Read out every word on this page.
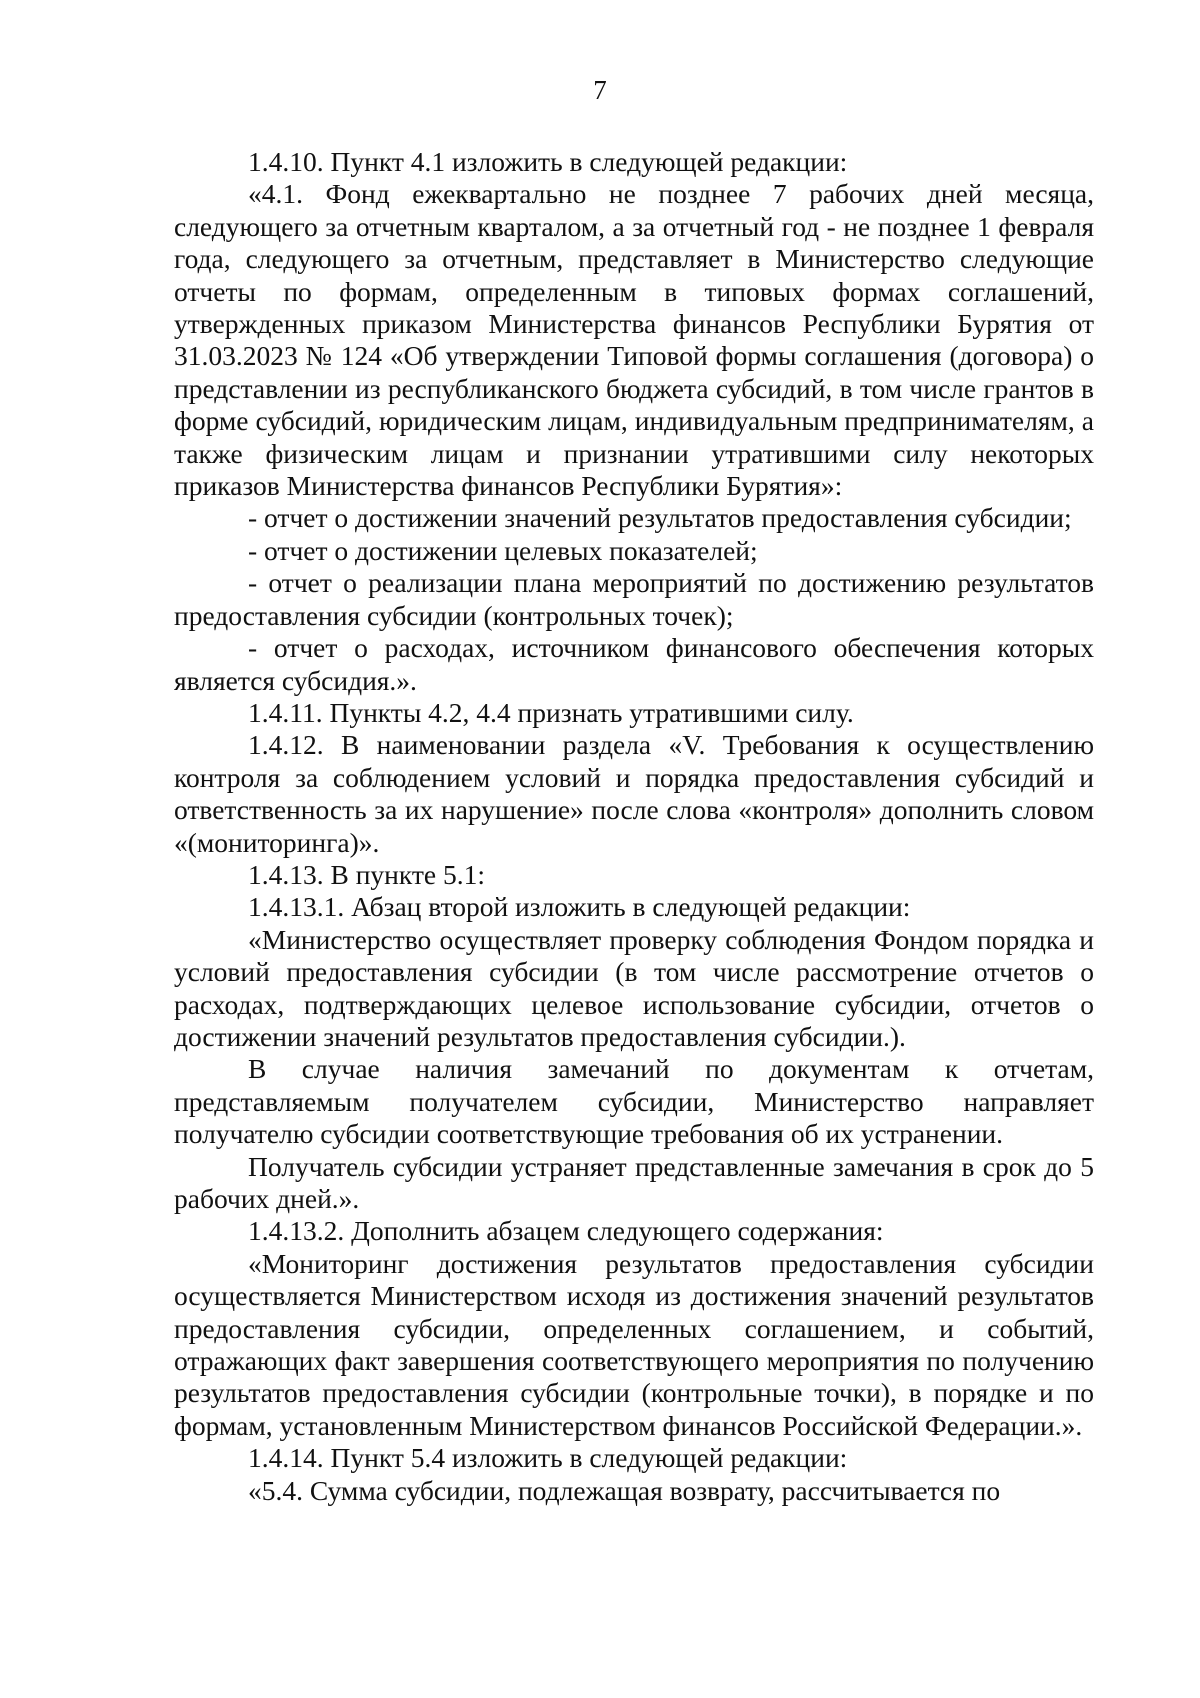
7

1.4.10. Пункт 4.1 изложить в следующей редакции:

«4.1. Фонд ежеквартально не позднее 7 рабочих дней месяца, следующего за отчетным кварталом, а за отчетный год - не позднее 1 февраля года, следующего за отчетным, представляет в Министерство следующие отчеты по формам, определенным в типовых формах соглашений, утвержденных приказом Министерства финансов Республики Бурятия от 31.03.2023 № 124 «Об утверждении Типовой формы соглашения (договора) о представлении из республиканского бюджета субсидий, в том числе грантов в форме субсидий, юридическим лицам, индивидуальным предпринимателям, а также физическим лицам и признании утратившими силу некоторых приказов Министерства финансов Республики Бурятия»:

- отчет о достижении значений результатов предоставления субсидии;

- отчет о достижении целевых показателей;

- отчет о реализации плана мероприятий по достижению результатов предоставления субсидии (контрольных точек);

- отчет о расходах, источником финансового обеспечения которых является субсидия.».

1.4.11. Пункты 4.2, 4.4 признать утратившими силу.

1.4.12. В наименовании раздела «V. Требования к осуществлению контроля за соблюдением условий и порядка предоставления субсидий и ответственность за их нарушение» после слова «контроля» дополнить словом «(мониторинга)».

1.4.13. В пункте 5.1:

1.4.13.1. Абзац второй изложить в следующей редакции:

«Министерство осуществляет проверку соблюдения Фондом порядка и условий предоставления субсидии (в том числе рассмотрение отчетов о расходах, подтверждающих целевое использование субсидии, отчетов о достижении значений результатов предоставления субсидии.).

В случае наличия замечаний по документам к отчетам, представляемым получателем субсидии, Министерство направляет получателю субсидии соответствующие требования об их устранении.

Получатель субсидии устраняет представленные замечания в срок до 5 рабочих дней.».

1.4.13.2. Дополнить абзацем следующего содержания:

«Мониторинг достижения результатов предоставления субсидии осуществляется Министерством исходя из достижения значений результатов предоставления субсидии, определенных соглашением, и событий, отражающих факт завершения соответствующего мероприятия по получению результатов предоставления субсидии (контрольные точки), в порядке и по формам, установленным Министерством финансов Российской Федерации.».

1.4.14. Пункт 5.4 изложить в следующей редакции:

«5.4. Сумма субсидии, подлежащая возврату, рассчитывается по
